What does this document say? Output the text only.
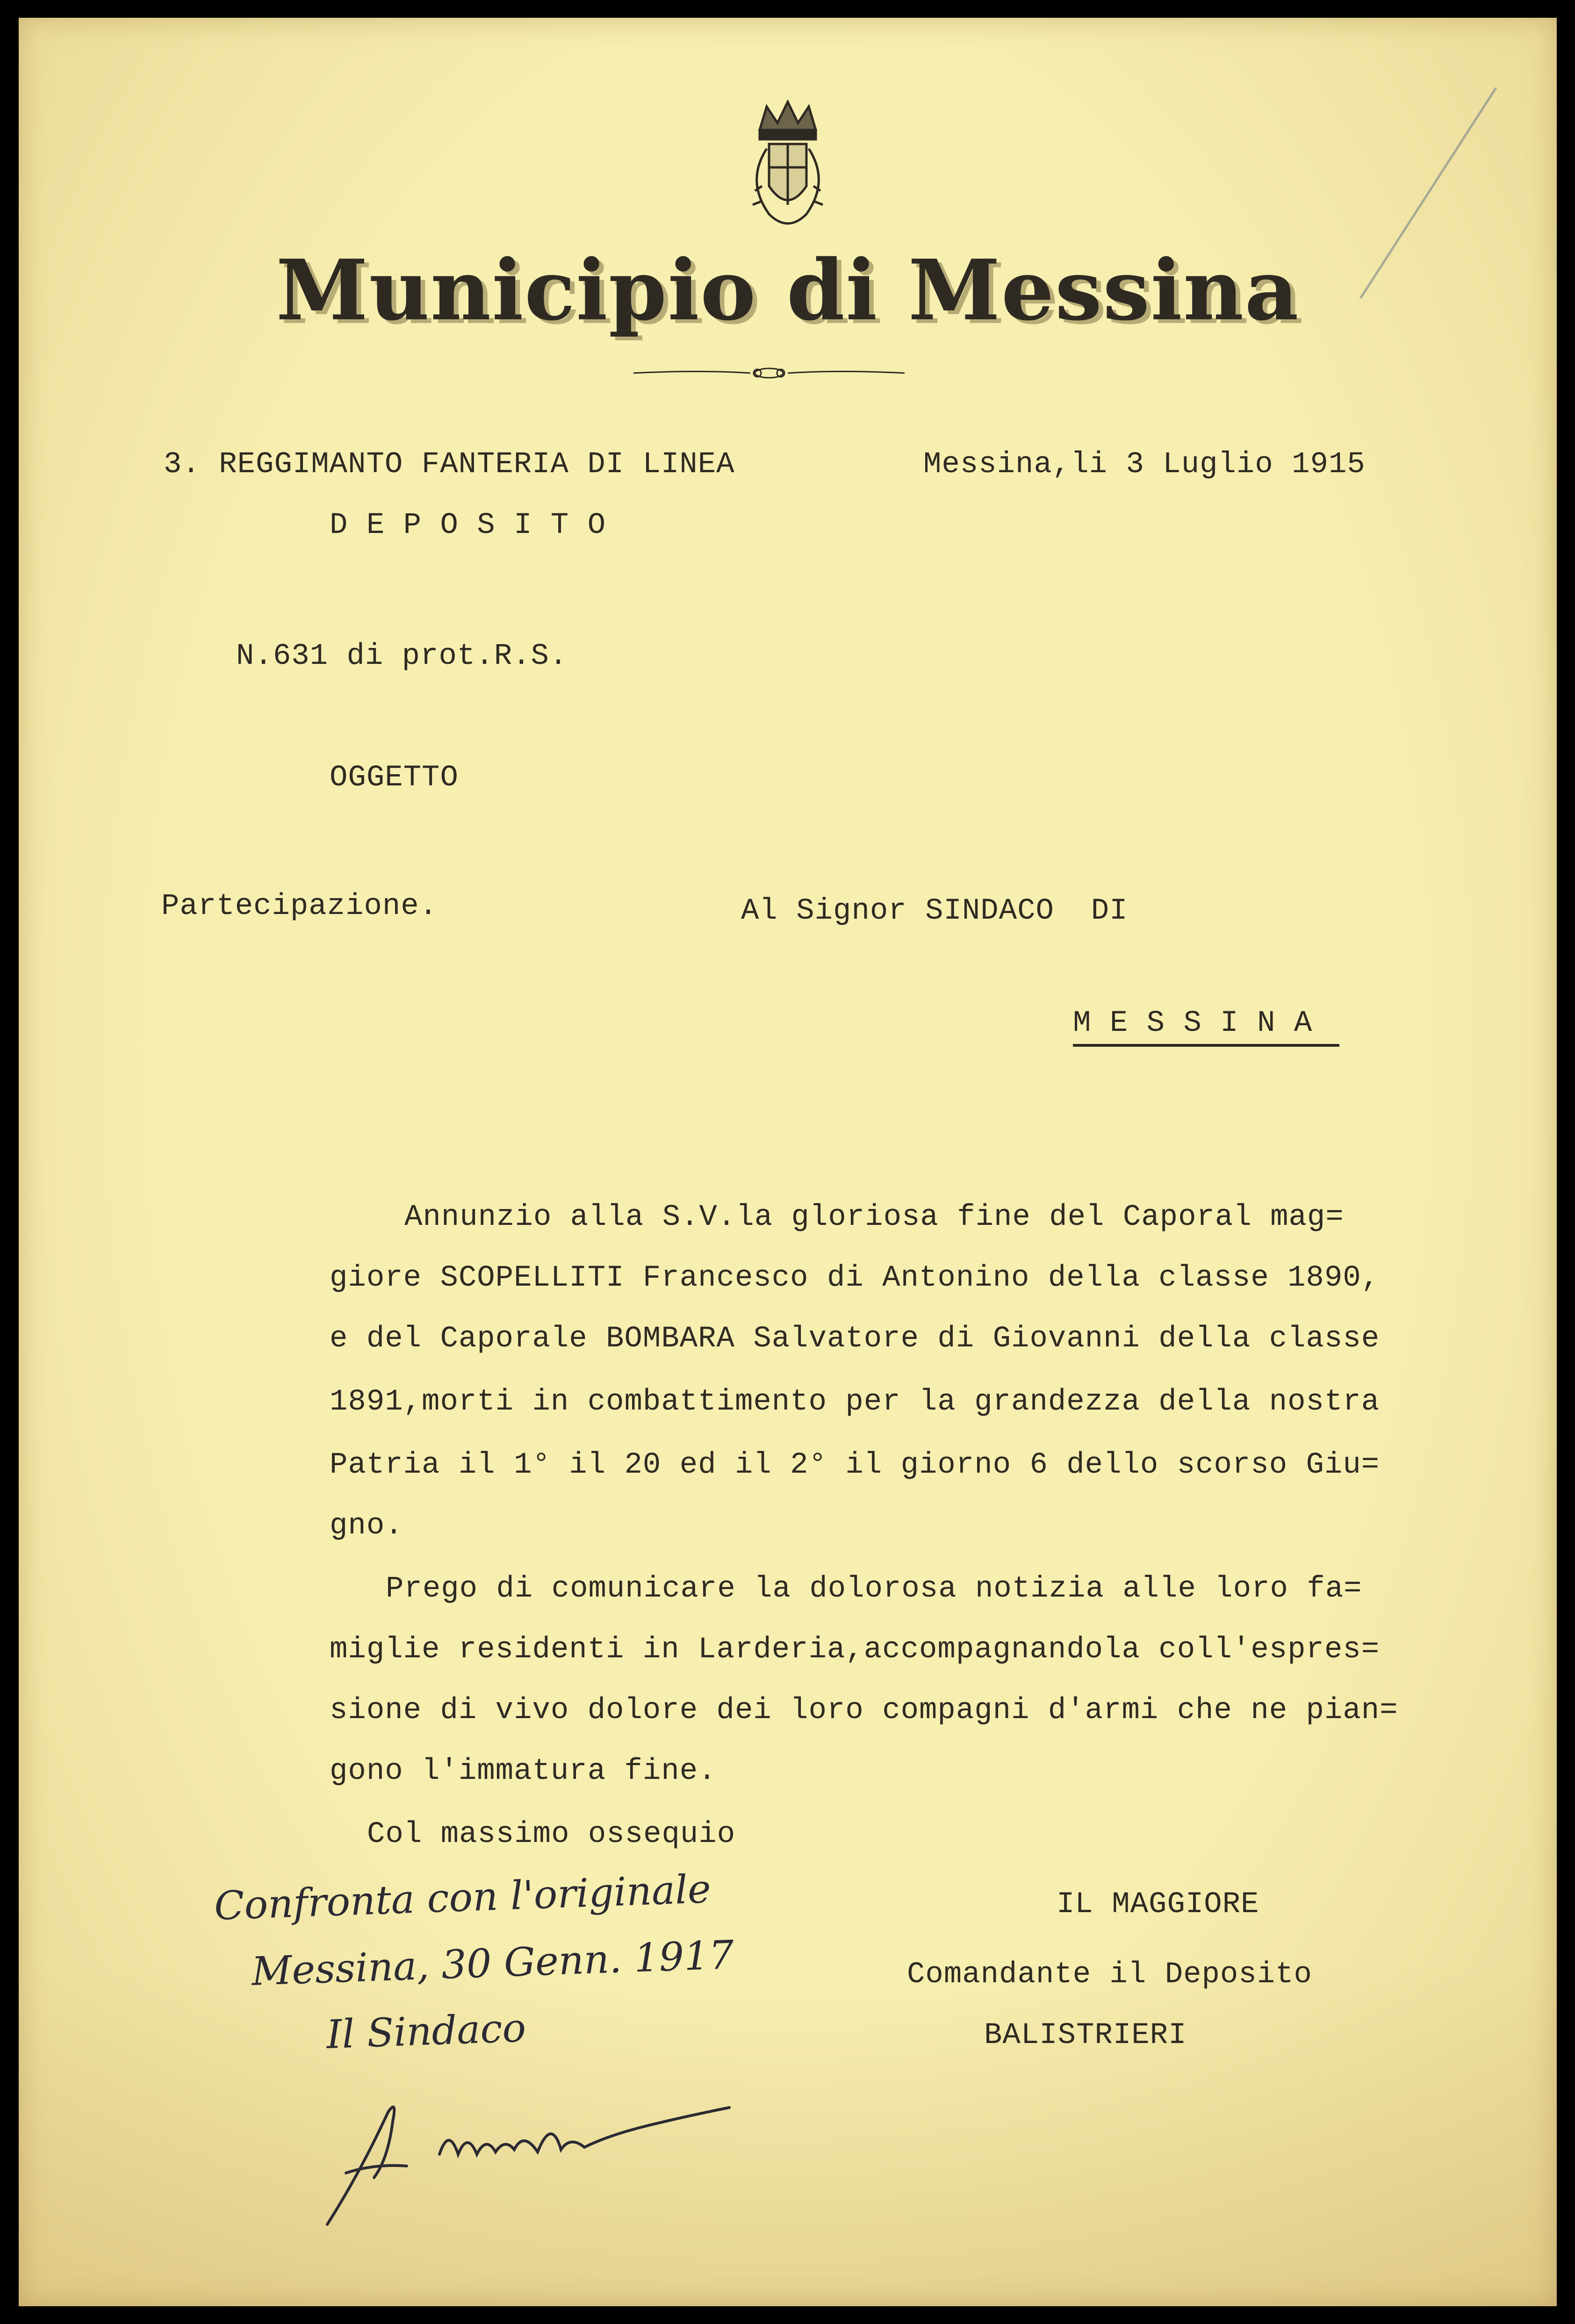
Municipio di Messina
3. REGGIMANTO FANTERIA DI LINEA
D E P O S I T O
Messina,li 3 Luglio 1915
N.631 di prot.R.S.
OGGETTO
Partecipazione.	Al Signor SINDACO  DI
M E S S I N A
Annunzio alla S.V.la gloriosa fine del Caporal mag=
giore SCOPELLITI Francesco di Antonino della classe 1890,
e del Caporale BOMBARA Salvatore di Giovanni della classe
1891,morti in combattimento per la grandezza della nostra
Patria il 1° il 20 ed il 2° il giorno 6 dello scorso Giu=
gno.
Prego di comunicare la dolorosa notizia alle loro fa=
miglie residenti in Larderia,accompagnandola coll'espres=
sione di vivo dolore dei loro compagni d'armi che ne pian=
gono l'immatura fine.
Col massimo ossequio
IL MAGGIORE
Comandante il Deposito
BALISTRIERI
Confronta con l'originale
Messina, 30 Genn. 1917
Il Sindaco
